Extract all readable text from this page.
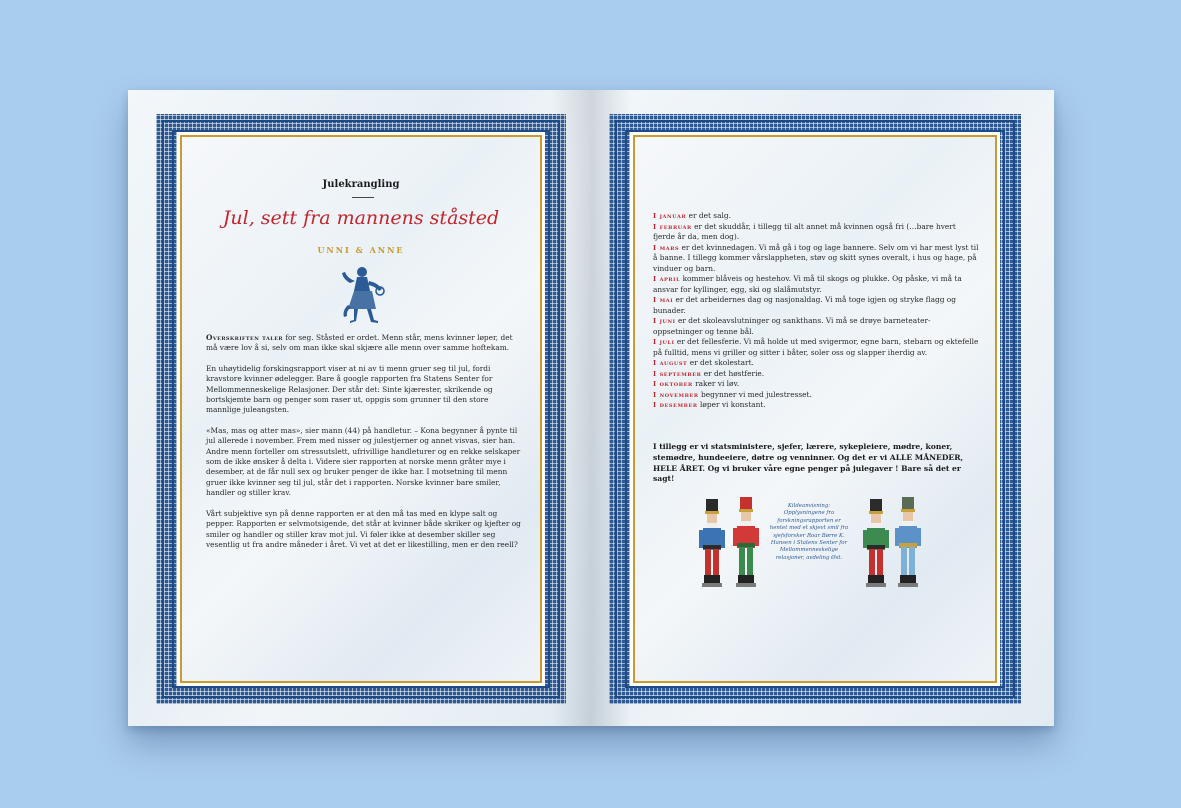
Julekrangling
Jul, sett fra mannens ståsted
UNNI & ANNE

Overskriften taler for seg. Ståsted er ordet. Menn står, mens kvinner løper, det må være lov å si, selv om man ikke skal skjære alle menn over samme hoftekam.

En uhøytidelig forskingsrapport viser at ni av ti menn gruer seg til jul, fordi kravstore kvinner ødelegger. Bare å google rapporten fra Statens Senter for Mellommenneskelige Relasjoner. Der står det: Sinte kjærester, skrikende og bortskjemte barn og penger som raser ut, oppgis som grunner til den store mannlige juleangsten.

«Mas, mas og atter mas», sier mann (44) på handletur. – Kona begynner å pynte til jul allerede i november. Frem med nisser og julestjerner og annet visvas, sier han. Andre menn forteller om stressutslett, ufrivillige handleturer og en rekke selskaper som de ikke ønsker å delta i. Videre sier rapporten at norske menn gråter mye i desember, at de får null sex og bruker penger de ikke har. I motsetning til menn gruer ikke kvinner seg til jul, står det i rapporten. Norske kvinner bare smiler, handler og stiller krav.

Vårt subjektive syn på denne rapporten er at den må tas med en klype salt og pepper. Rapporten er selvmotsigende, det står at kvinner både skriker og kjefter og smiler og handler og stiller krav mot jul. Vi føler ikke at desember skiller seg vesentlig ut fra andre måneder i året. Vi vet at det er likestilling, men er den reell?

I januar er det salg.
I februar er det skuddår, i tillegg til alt annet må kvinnen også fri (…bare hvert fjerde år da, men dog).
I mars er det kvinnedagen. Vi må gå i tog og lage bannere. Selv om vi har mest lyst til å banne. I tillegg kommer vårslappheten, støv og skitt synes overalt, i hus og hage, på vinduer og barn.
I april kommer blåveis og hestehov. Vi må til skogs og plukke. Og påske, vi må ta ansvar for kyllinger, egg, ski og slalåmutstyr.
I mai er det arbeidernes dag og nasjonaldag. Vi må toge igjen og stryke flagg og bunader.
I juni er det skoleavslutninger og sankthans. Vi må se drøye barneteater-oppsetninger og tenne bål.
I juli er det fellesferie. Vi må holde ut med svigermor, egne barn, stebarn og ektefelle på fulltid, mens vi griller og sitter i båter, soler oss og slapper iherdig av.
I august er det skolestart.
I september er det høstferie.
I oktober raker vi løv.
I november begynner vi med julestresset.
I desember løper vi konstant.
I tillegg er vi statsministere, sjefer, lærere, sykepleiere, mødre, koner, stemødre, hundeeiere, døtre og venninner. Og det er vi ALLE MÅNEDER, HELE ÅRET. Og vi bruker våre egne penger på julegaver ! Bare så det er sagt!
Kildeanvisning: Opplysningene fra forskningsrapporten er hentet med et skjevt smil fra sjefsforsker Roar Børre K. Hansen i Statens Senter for Mellommenneskelige relasjoner, avdeling Øst.
